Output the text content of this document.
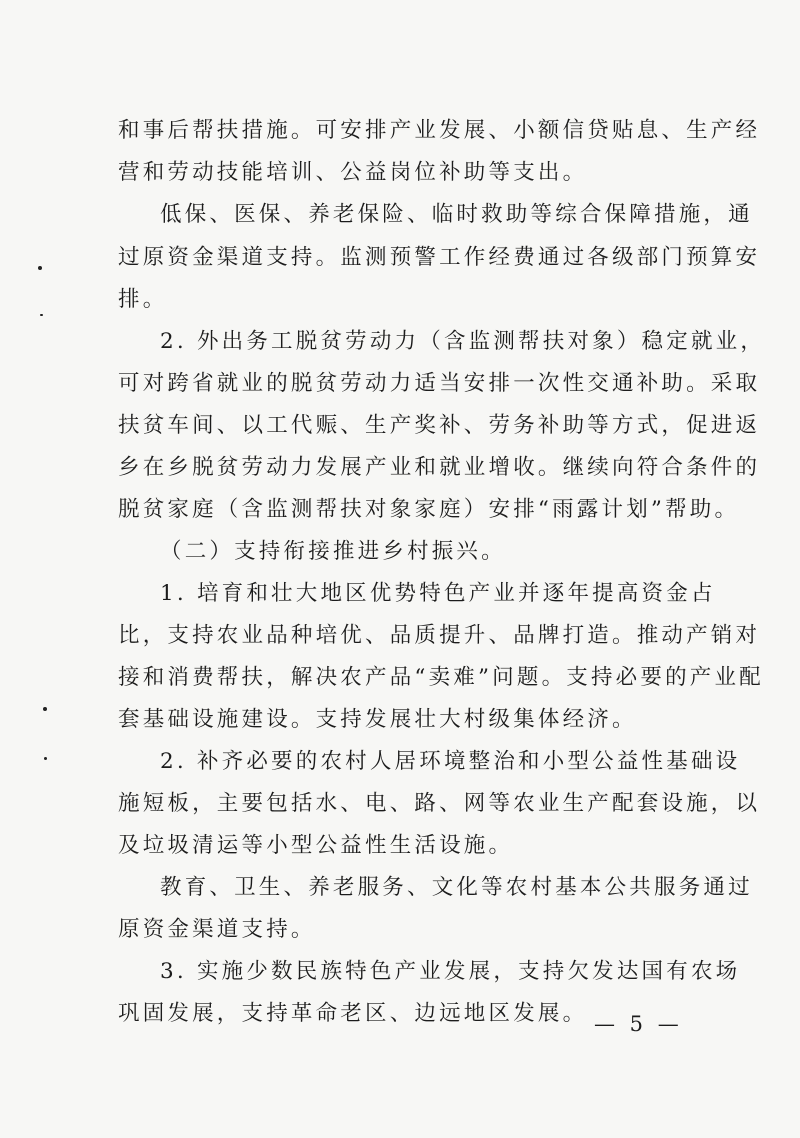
和事后帮扶措施。可安排产业发展、小额信贷贴息、生产经
营和劳动技能培训、公益岗位补助等支出。
低保、医保、养老保险、临时救助等综合保障措施，通
过原资金渠道支持。监测预警工作经费通过各级部门预算安
排。
2. 外出务工脱贫劳动力（含监测帮扶对象）稳定就业，
可对跨省就业的脱贫劳动力适当安排一次性交通补助。采取
扶贫车间、以工代赈、生产奖补、劳务补助等方式，促进返
乡在乡脱贫劳动力发展产业和就业增收。继续向符合条件的
脱贫家庭（含监测帮扶对象家庭）安排“雨露计划”帮助。
（二）支持衔接推进乡村振兴。
1. 培育和壮大地区优势特色产业并逐年提高资金占
比，支持农业品种培优、品质提升、品牌打造。推动产销对
接和消费帮扶，解决农产品“卖难”问题。支持必要的产业配
套基础设施建设。支持发展壮大村级集体经济。
2. 补齐必要的农村人居环境整治和小型公益性基础设
施短板，主要包括水、电、路、网等农业生产配套设施，以
及垃圾清运等小型公益性生活设施。
教育、卫生、养老服务、文化等农村基本公共服务通过
原资金渠道支持。
3. 实施少数民族特色产业发展，支持欠发达国有农场
巩固发展，支持革命老区、边远地区发展。 — 5 —
